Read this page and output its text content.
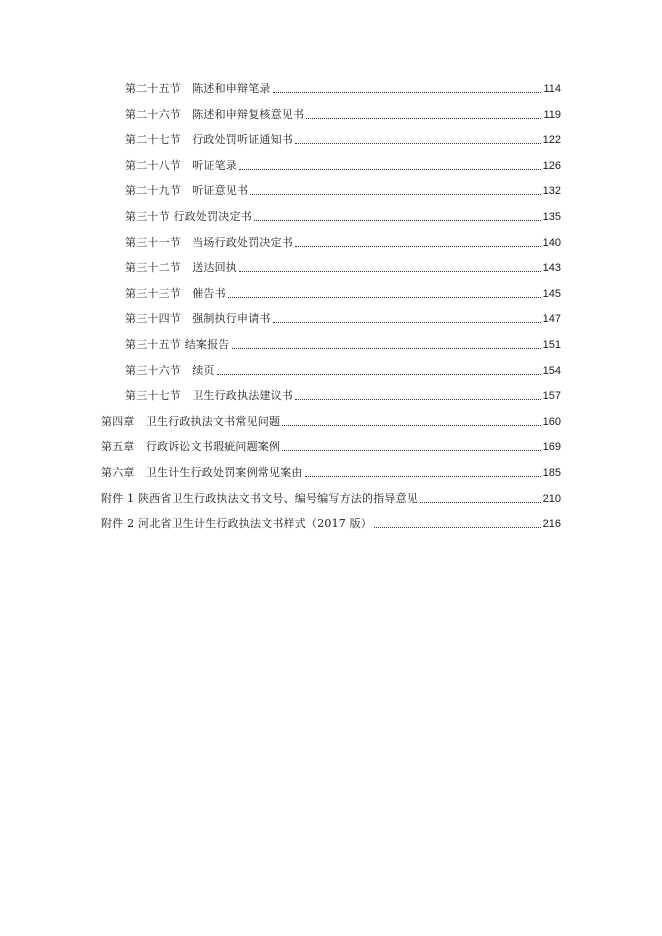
第二十五节　陈述和申辩笔录	114
第二十六节　陈述和申辩复核意见书	119
第二十七节　行政处罚听证通知书	122
第二十八节　听证笔录	126
第二十九节　听证意见书	132
第三十节 行政处罚决定书	135
第三十一节　当场行政处罚决定书	140
第三十二节　送达回执	143
第三十三节　催告书	145
第三十四节　强制执行申请书	147
第三十五节 结案报告	151
第三十六节　续页	154
第三十七节　卫生行政执法建议书	157
第四章　卫生行政执法文书常见问题	160
第五章　行政诉讼文书瑕疵问题案例	169
第六章　卫生计生行政处罚案例常见案由	185
附件 1 陕西省卫生行政执法文书文号、编号编写方法的指导意见	210
附件 2 河北省卫生计生行政执法文书样式（2017 版）	216
